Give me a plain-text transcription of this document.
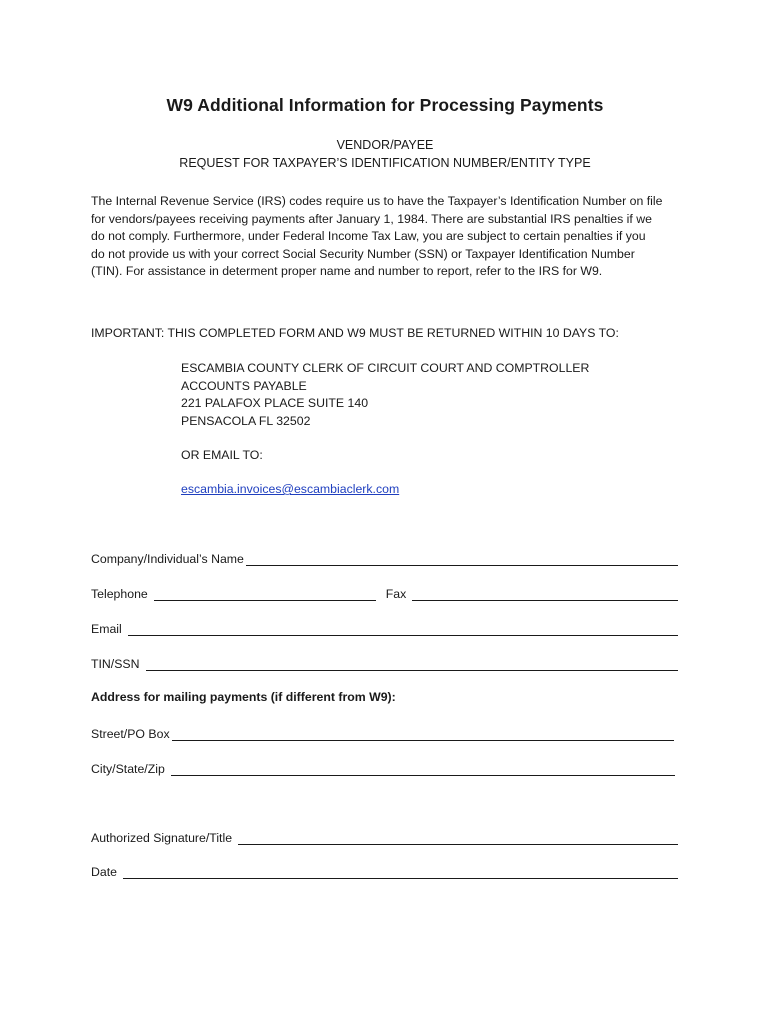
W9 Additional Information for Processing Payments
VENDOR/PAYEE
REQUEST FOR TAXPAYER’S IDENTIFICATION NUMBER/ENTITY TYPE
The Internal Revenue Service (IRS) codes require us to have the Taxpayer’s Identification Number on file
for vendors/payees receiving payments after January 1, 1984. There are substantial IRS penalties if we
do not comply. Furthermore, under Federal Income Tax Law, you are subject to certain penalties if you
do not provide us with your correct Social Security Number (SSN) or Taxpayer Identification Number
(TIN). For assistance in determent proper name and number to report, refer to the IRS for W9.
IMPORTANT: THIS COMPLETED FORM AND W9 MUST BE RETURNED WITHIN 10 DAYS TO:
ESCAMBIA COUNTY CLERK OF CIRCUIT COURT AND COMPTROLLER
ACCOUNTS PAYABLE
221 PALAFOX PLACE SUITE 140
PENSACOLA FL 32502
OR EMAIL TO:
escambia.invoices@escambiaclerk.com
Company/Individual’s Name
Telephone	Fax
Email
TIN/SSN
Address for mailing payments (if different from W9):
Street/PO Box
City/State/Zip
Authorized Signature/Title
Date
